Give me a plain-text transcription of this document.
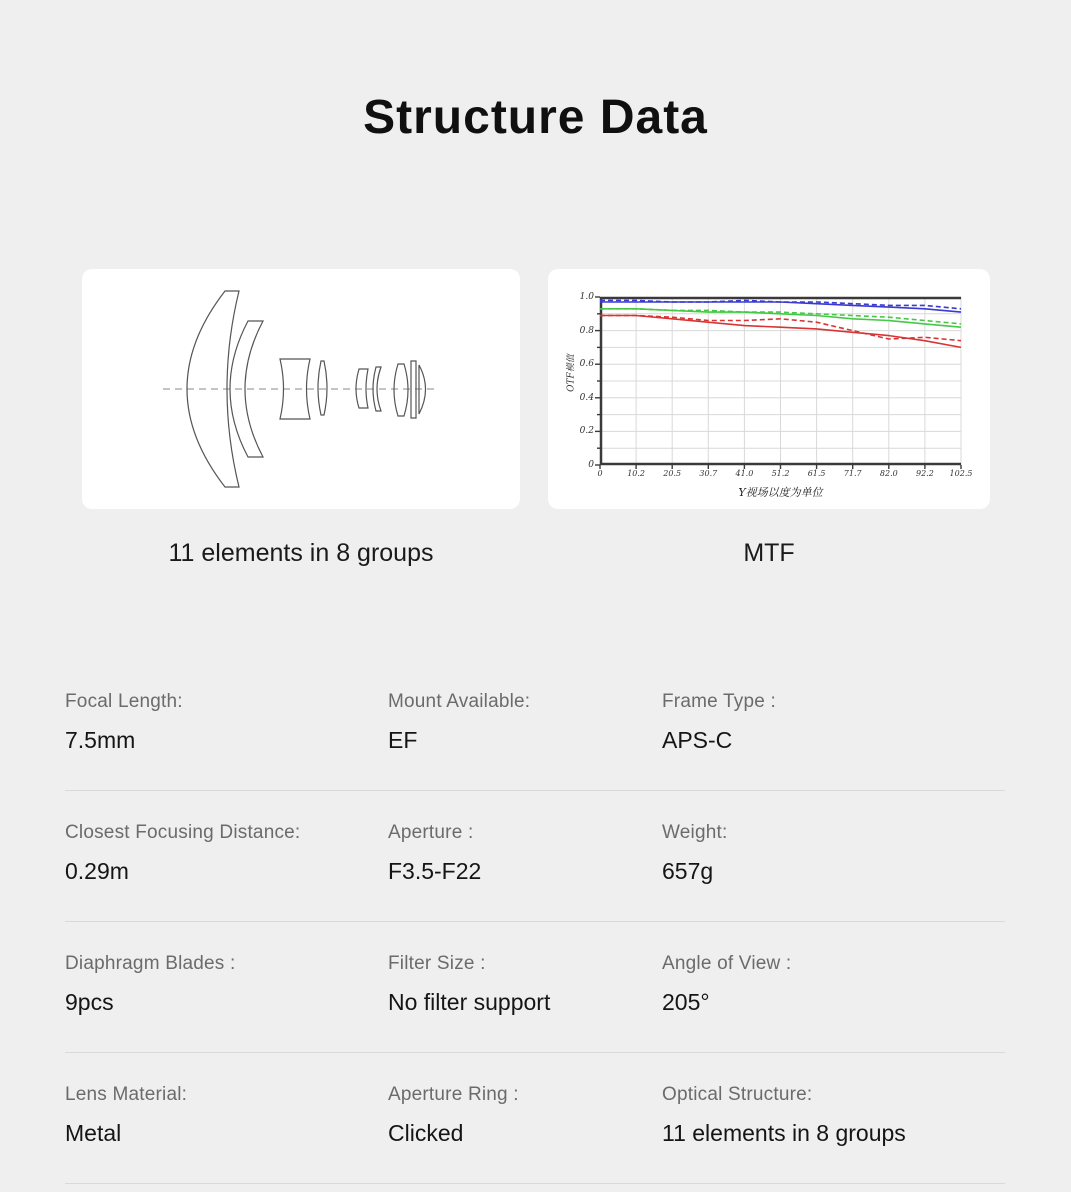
Structure Data
OTF模值
0
0.2
0.4
0.6
0.8
1.0
0	10.2 20.5 30.7 41.0 51.2 61.5 71.7 82.0 92.2 102.5
Y视场以度为单位
11 elements in 8 groups	MTF
Focal Length:
7.5mm
Mount Available:
EF
Frame Type :
APS-C
Closest Focusing Distance:
0.29m
Aperture :
F3.5-F22
Weight:
657g
Diaphragm Blades :
9pcs
Filter Size :
No filter support
Angle of View :
205°
Lens Material:
Metal
Aperture Ring :
Clicked
Optical Structure:
11 elements in 8 groups
